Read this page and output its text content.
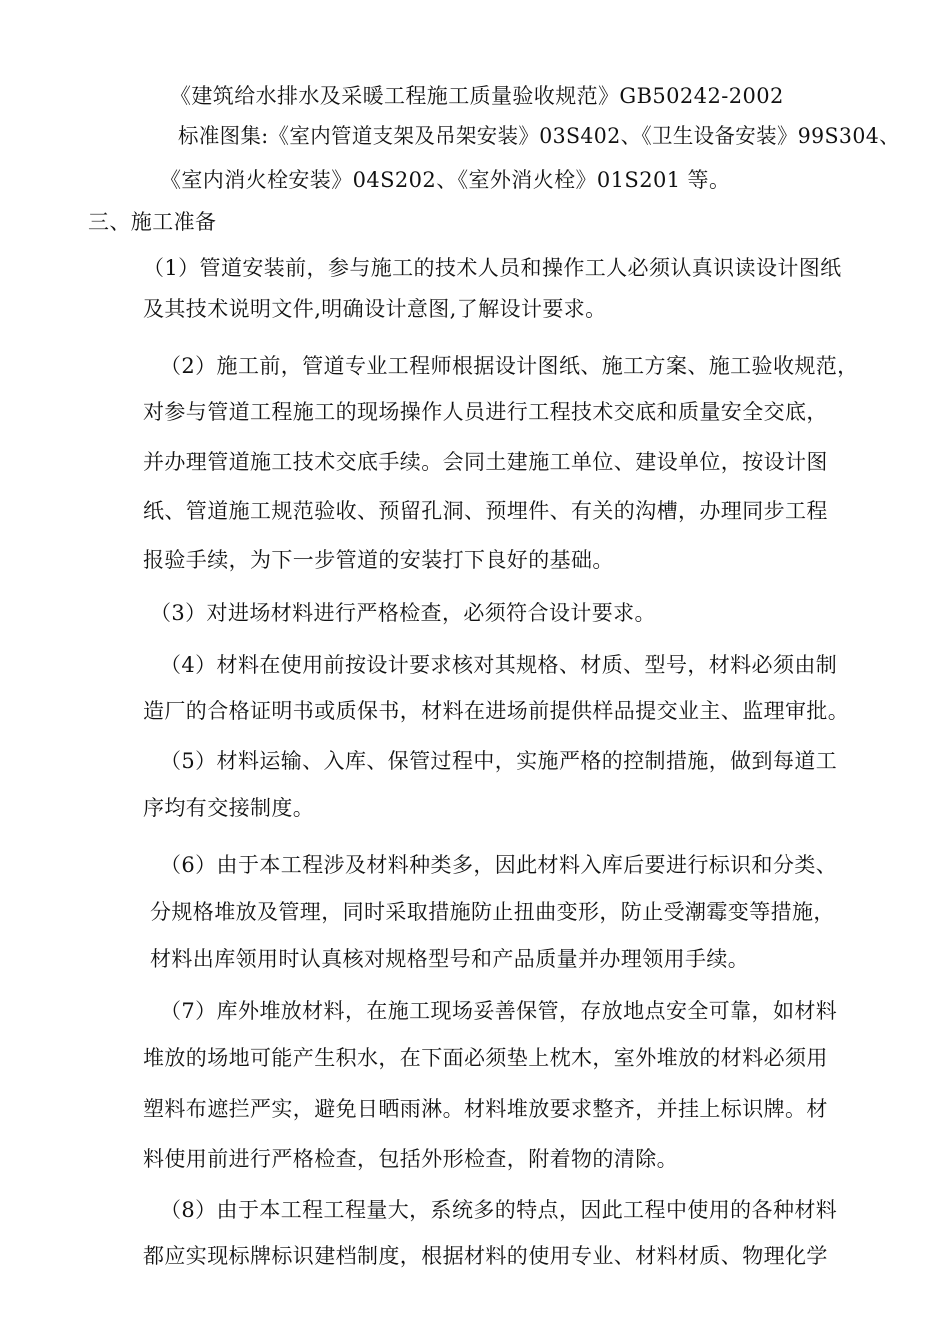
《建筑给水排水及采暖工程施工质量验收规范》GB50242-2002
标准图集:《室内管道支架及吊架安装》03S402、《卫生设备安装》99S304、
《室内消火栓安装》04S202、《室外消火栓》01S201 等。
三、施工准备
（1）管道安装前，参与施工的技术人员和操作工人必须认真识读设计图纸
及其技术说明文件,明确设计意图,了解设计要求。
（2）施工前，管道专业工程师根据设计图纸、施工方案、施工验收规范，
对参与管道工程施工的现场操作人员进行工程技术交底和质量安全交底，
并办理管道施工技术交底手续。会同土建施工单位、建设单位，按设计图
纸、管道施工规范验收、预留孔洞、预埋件、有关的沟槽，办理同步工程
报验手续，为下一步管道的安装打下良好的基础。
（3）对进场材料进行严格检查，必须符合设计要求。
（4）材料在使用前按设计要求核对其规格、材质、型号，材料必须由制
造厂的合格证明书或质保书，材料在进场前提供样品提交业主、监理审批。
（5）材料运输、入库、保管过程中，实施严格的控制措施，做到每道工
序均有交接制度。
（6）由于本工程涉及材料种类多，因此材料入库后要进行标识和分类、
分规格堆放及管理，同时采取措施防止扭曲变形，防止受潮霉变等措施，
材料出库领用时认真核对规格型号和产品质量并办理领用手续。
（7）库外堆放材料，在施工现场妥善保管，存放地点安全可靠，如材料
堆放的场地可能产生积水，在下面必须垫上枕木，室外堆放的材料必须用
塑料布遮拦严实，避免日晒雨淋。材料堆放要求整齐，并挂上标识牌。材
料使用前进行严格检查，包括外形检查，附着物的清除。
（8）由于本工程工程量大，系统多的特点，因此工程中使用的各种材料
都应实现标牌标识建档制度，根据材料的使用专业、材料材质、物理化学
